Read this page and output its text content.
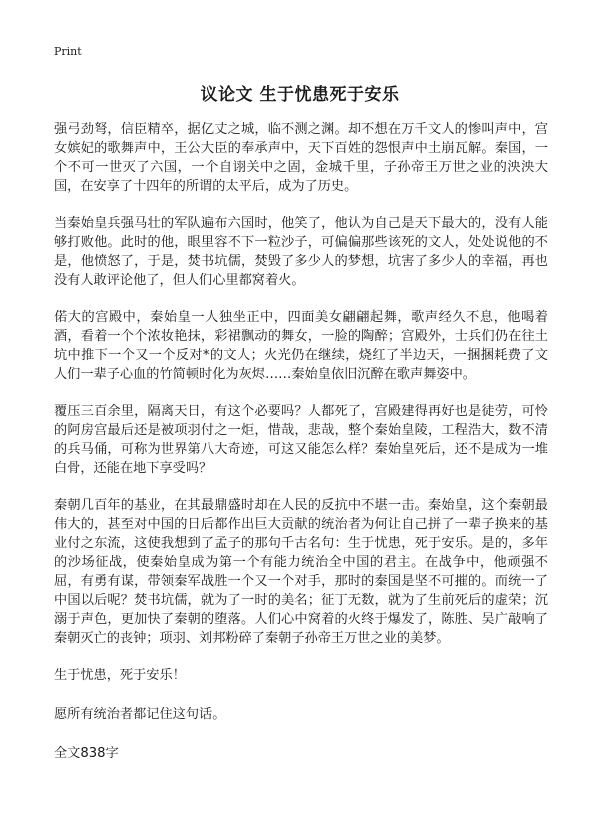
Print
议论文 生于忧患死于安乐

强弓劲弩，信臣精卒，据亿丈之城，临不测之渊。却不想在万千文人的惨叫声中，宫女嫔妃的歌舞声中，王公大臣的奉承声中，天下百姓的怨恨声中土崩瓦解。秦国，一个不可一世灭了六国，一个自诩关中之固，金城千里，子孙帝王万世之业的泱泱大国，在安享了十四年的所谓的太平后，成为了历史。

当秦始皇兵强马壮的军队遍布六国时，他笑了，他认为自己是天下最大的，没有人能够打败他。此时的他，眼里容不下一粒沙子，可偏偏那些该死的文人，处处说他的不是，他愤怒了，于是，焚书坑儒，焚毁了多少人的梦想，坑害了多少人的幸福，再也没有人敢评论他了，但人们心里都窝着火。

偌大的宫殿中，秦始皇一人独坐正中，四面美女翩翩起舞，歌声经久不息，他喝着酒，看着一个个浓妆艳抹，彩裙飘动的舞女，一脸的陶醉；宫殿外，士兵们仍在往土坑中推下一个又一个反对*的文人；火光仍在继续，烧红了半边天，一捆捆耗费了文人们一辈子心血的竹简顿时化为灰烬……秦始皇依旧沉醉在歌声舞姿中。

覆压三百余里，隔离天日，有这个必要吗？人都死了，宫殿建得再好也是徒劳，可怜的阿房宫最后还是被项羽付之一炬，惜哉，悲哉，整个秦始皇陵，工程浩大，数不清的兵马俑，可称为世界第八大奇迹，可这又能怎么样？秦始皇死后，还不是成为一堆白骨，还能在地下享受吗？

秦朝几百年的基业，在其最鼎盛时却在人民的反抗中不堪一击。秦始皇，这个秦朝最伟大的，甚至对中国的日后都作出巨大贡献的统治者为何让自己拼了一辈子换来的基业付之东流，这使我想到了孟子的那句千古名句：生于忧患，死于安乐。是的，多年的沙场征战，使秦始皇成为第一个有能力统治全中国的君主。在战争中，他顽强不屈，有勇有谋，带领秦军战胜一个又一个对手，那时的秦国是坚不可摧的。而统一了中国以后呢？焚书坑儒，就为了一时的美名；征丁无数，就为了生前死后的虚荣；沉溺于声色，更加快了秦朝的堕落。人们心中窝着的火终于爆发了，陈胜、吴广敲响了秦朝灭亡的丧钟；项羽、刘邦粉碎了秦朝子孙帝王万世之业的美梦。

生于忧患，死于安乐！

愿所有统治者都记住这句话。

全文838字
